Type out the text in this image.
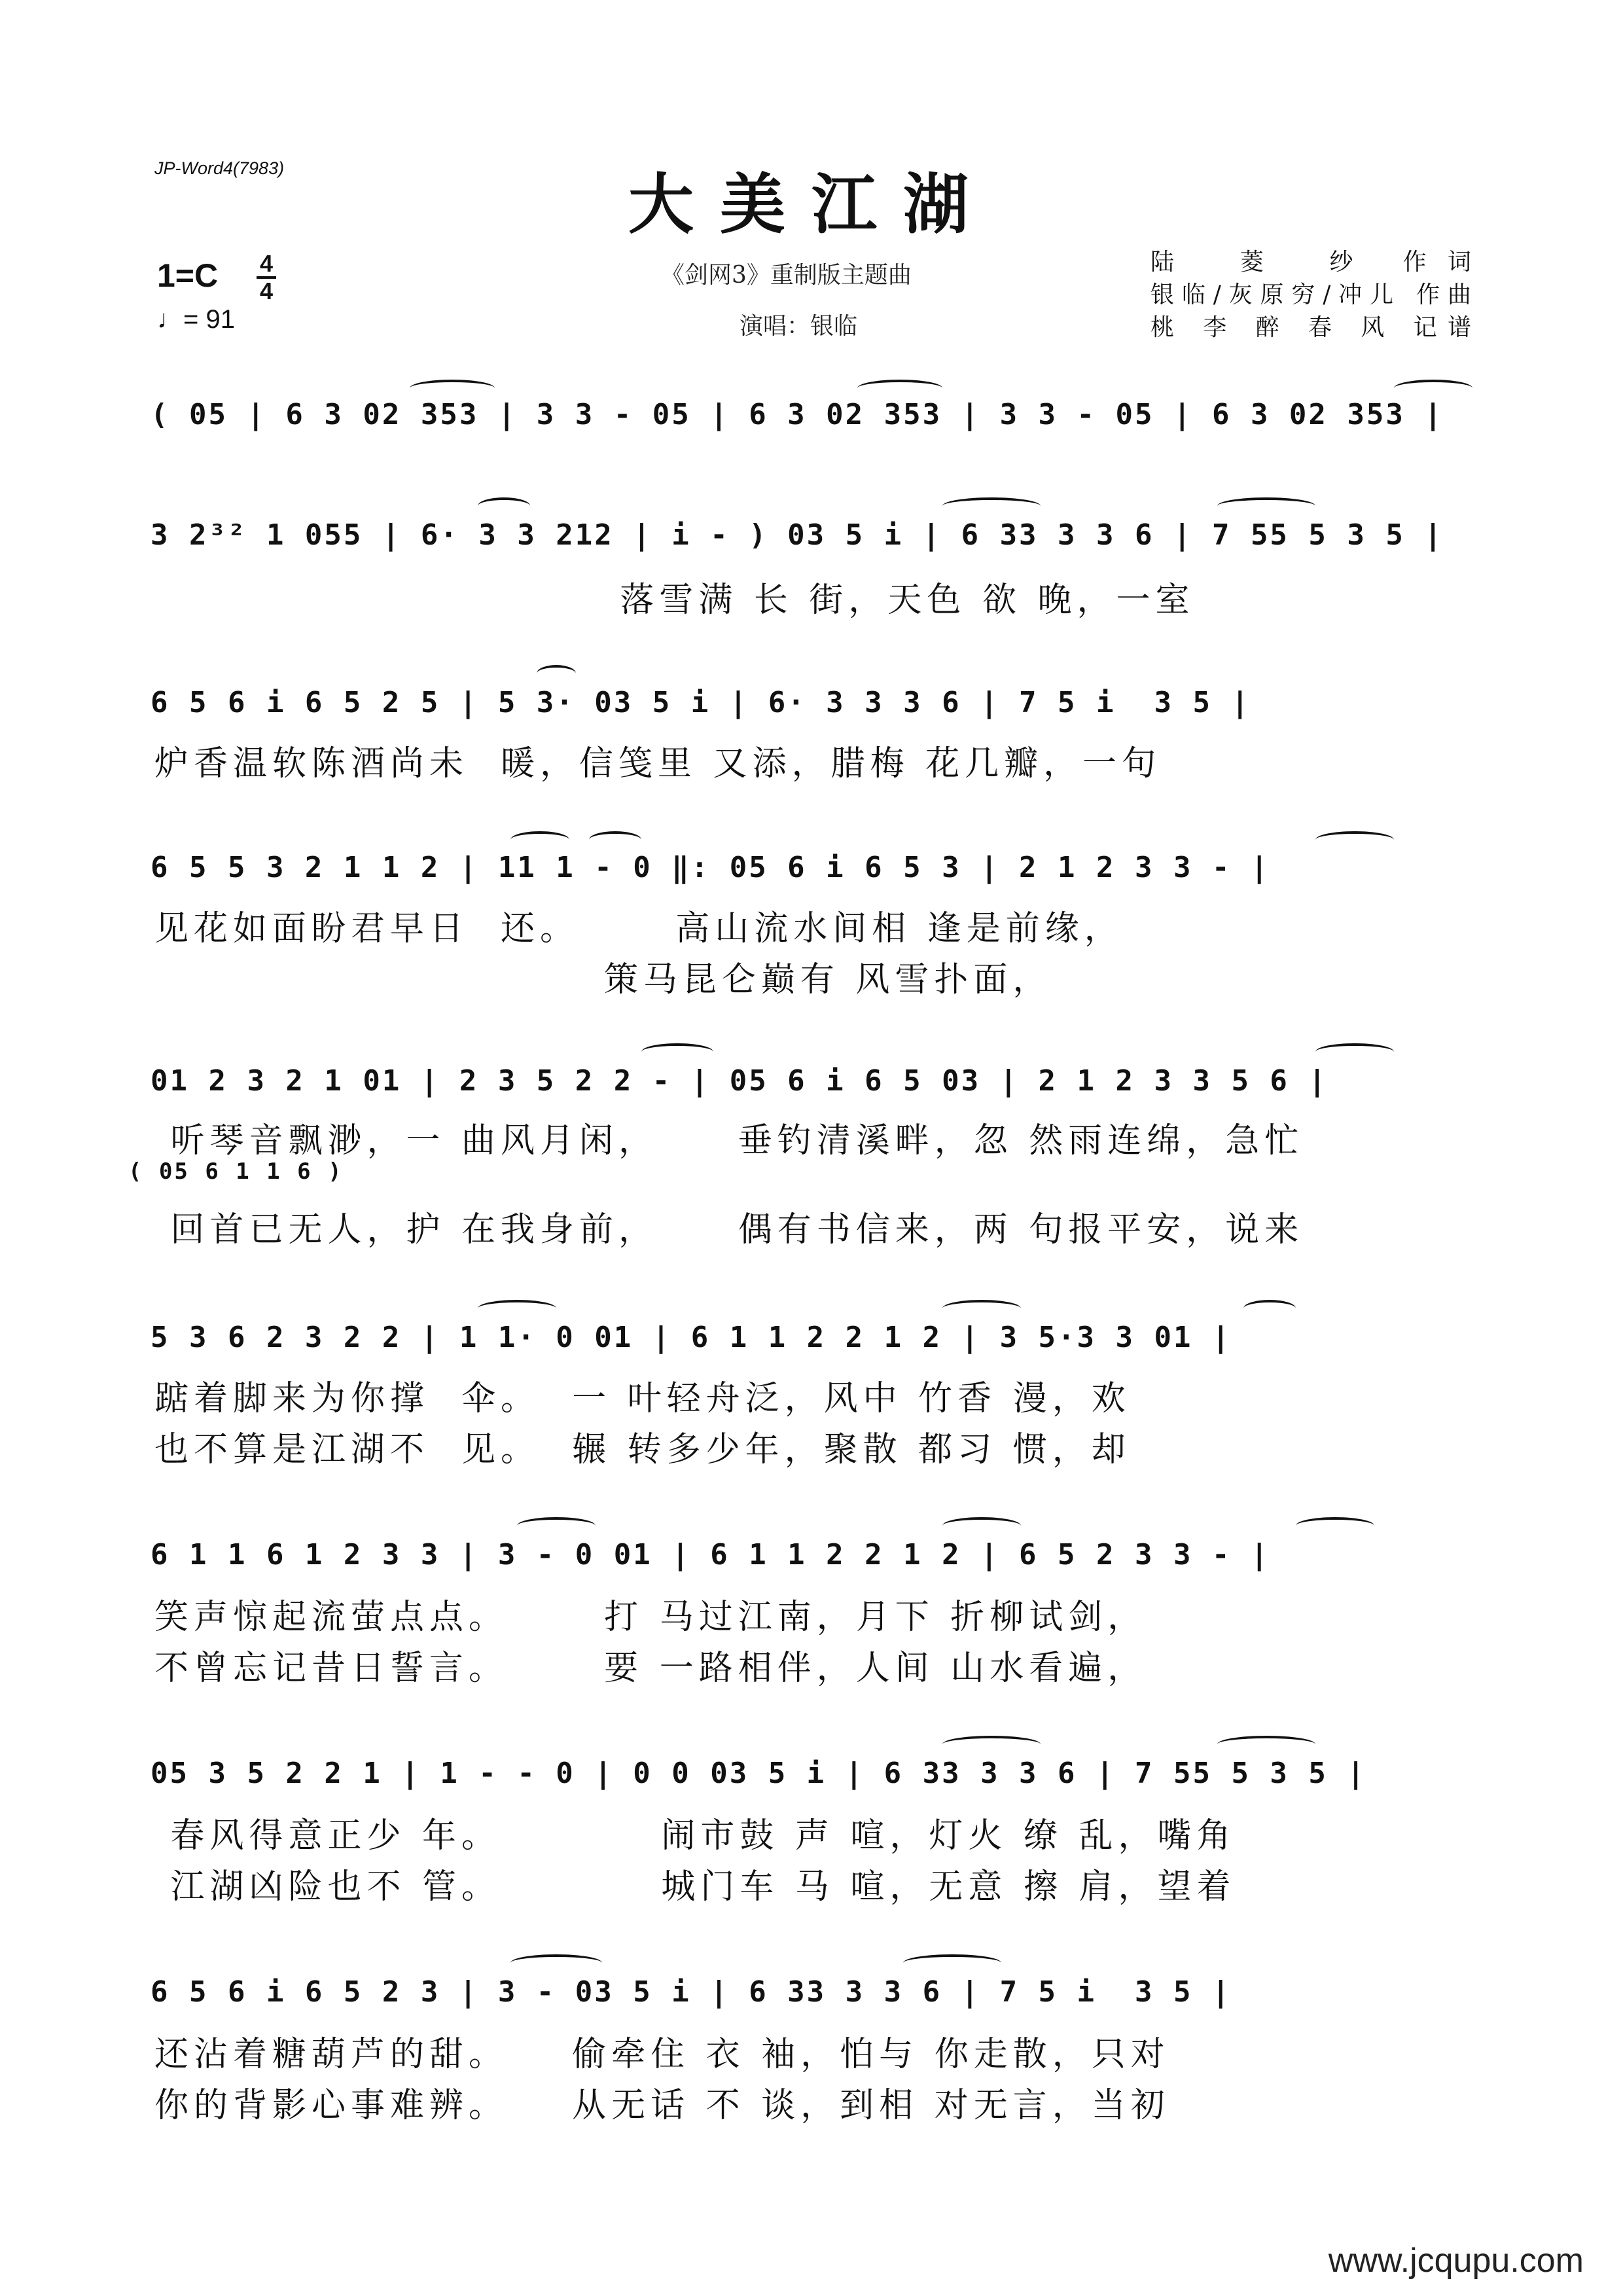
JP-Word4(7983)	大美江湖
1=C 4
4
♩= 91
《剑网3》重制版主题曲
演唱：银临
陆　菱　纱 作词
银临/灰原穷/冲儿 作曲
桃 李 醉 春 风 记谱
( 05 | 6 3 02 353 | 3 3 - 05 | 6 3 02 353 | 3 3 - 05 | 6 3 02 353 |
3 2³² 1 055 | 6· 3 3 212 | i - ) 03 5 i | 6 33 3 3 6 | 7 55 5 3 5 |
落雪满 长 街，天色 欲 晚，一室
6 5 6 i 6 5 2 5 | 5 3· 03 5 i | 6· 3 3 3 6 | 7 5 i  3 5 |
炉香温软陈酒尚未  暖，信笺里 又添，腊梅 花几瓣，一句
6 5 5 3 2 1 1 2 | 11 1 - 0 ‖: 05 6 i 6 5 3 | 2 1 2 3 3 - |
见花如面盼君早日  还。      高山流水间相 逢是前缘，
策马昆仑巅有 风雪扑面，
01 2 3 2 1 01 | 2 3 5 2 2 - | 05 6 i 6 5 03 | 2 1 2 3 3 5 6 |
听琴音飘渺，一 曲风月闲，     垂钓清溪畔，忽 然雨连绵，急忙
( 05 6 1 1 6 )
回首已无人，护 在我身前，     偶有书信来，两 句报平安，说来
5 3 6 2 3 2 2 | 1 1· 0 01 | 6 1 1 2 2 1 2 | 3 5·3 3 01 |
踮着脚来为你撑  伞。  一 叶轻舟泛，风中 竹香 漫，欢
也不算是江湖不  见。  辗 转多少年，聚散 都习 惯，却
6 1 1 6 1 2 3 3 | 3 - 0 01 | 6 1 1 2 2 1 2 | 6 5 2 3 3 - |
笑声惊起流萤点点。      打 马过江南，月下 折柳试剑，
不曾忘记昔日誓言。      要 一路相伴，人间 山水看遍，
05 3 5 2 2 1 | 1 - - 0 | 0 0 03 5 i | 6 33 3 3 6 | 7 55 5 3 5 |
春风得意正少 年。          闹市鼓 声 喧，灯火 缭 乱，嘴角
江湖凶险也不 管。          城门车 马 喧，无意 擦 肩，望着
6 5 6 i 6 5 2 3 | 3 - 03 5 i | 6 33 3 3 6 | 7 5 i  3 5 |
还沾着糖葫芦的甜。    偷牵住 衣 袖，怕与 你走散，只对
你的背影心事难辨。    从无话 不 谈，到相 对无言，当初
www.jcqupu.com
